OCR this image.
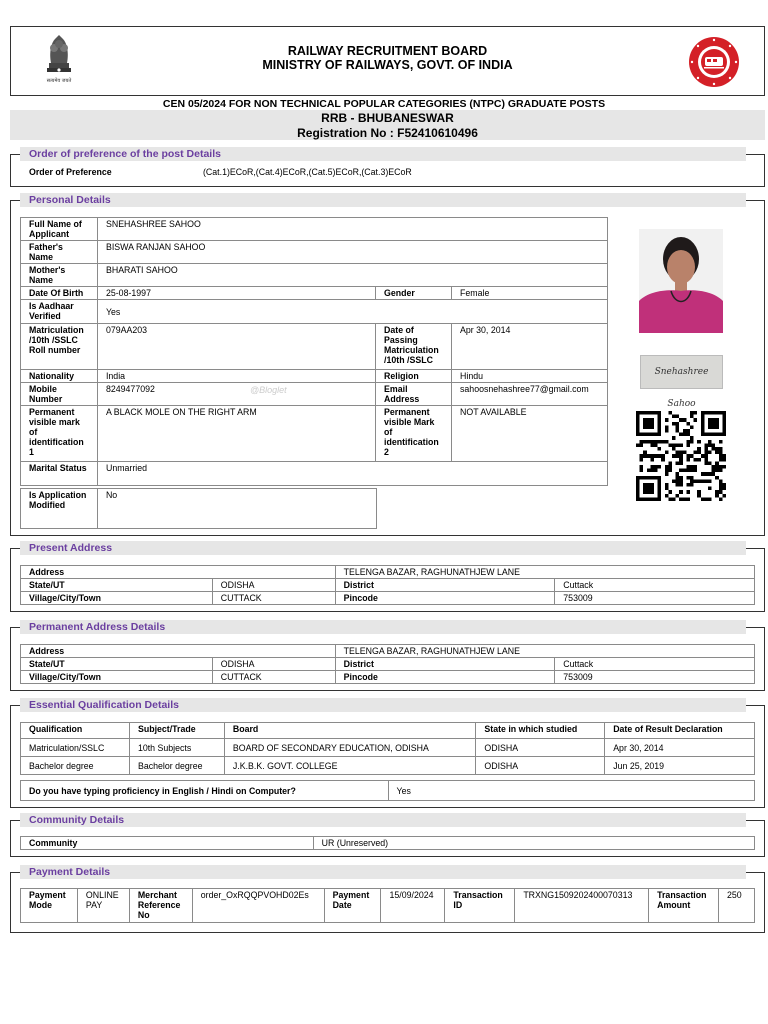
सत्यमेव जयते
RAILWAY RECRUITMENT BOARD
MINISTRY OF RAILWAYS, GOVT. OF INDIA
CEN 05/2024 FOR NON TECHNICAL POPULAR CATEGORIES (NTPC) GRADUATE POSTS
RRB - BHUBANESWAR
Registration No : F52410610496
Order of preference of the post Details
Order of Preference	(Cat.1)ECoR,(Cat.4)ECoR,(Cat.5)ECoR,(Cat.3)ECoR
Personal Details
@Bloglet
Full Name of Applicant	SNEHASHREE SAHOO		
Father's Name	BISWA RANJAN SAHOO		
Mother's Name	BHARATI SAHOO		
Date Of Birth	25-08-1997	Gender	Female
Is Aadhaar Verified	Yes		
Matriculation /10th /SSLC Roll number	079AA203	Date of Passing Matriculation /10th /SSLC	Apr 30, 2014
Nationality	India	Religion	Hindu
Mobile Number	8249477092	Email Address	sahoosnehashree77@gmail.com
Permanent visible mark of identification 1	A BLACK MOLE ON THE RIGHT ARM	Permanent visible Mark of identification 2	NOT AVAILABLE
Marital Status	Unmarried		
Is Application Modified	No
Snehashree Sahoo
Present Address
Address		TELENGA BAZAR, RAGHUNATHJEW LANE	
State/UT	ODISHA	District	Cuttack
Village/City/Town	CUTTACK	Pincode	753009
Permanent Address Details
Address		TELENGA BAZAR, RAGHUNATHJEW LANE	
State/UT	ODISHA	District	Cuttack
Village/City/Town	CUTTACK	Pincode	753009
Essential Qualification Details
Qualification	Subject/Trade	Board	State in which studied	Date of Result Declaration
Matriculation/SSLC	10th Subjects	BOARD OF SECONDARY EDUCATION, ODISHA	ODISHA	Apr 30, 2014
Bachelor degree	Bachelor degree	J.K.B.K. GOVT. COLLEGE	ODISHA	Jun 25, 2019
Do you have typing proficiency in English / Hindi on Computer?	Yes
Community Details
Community	UR (Unreserved)
Payment Details
Payment Mode	ONLINE PAY	Merchant Reference No	order_OxRQQPVOHD02Es	Payment Date	15/09/2024	Transaction ID	TRXNG1509202400070313	Transaction Amount	250
